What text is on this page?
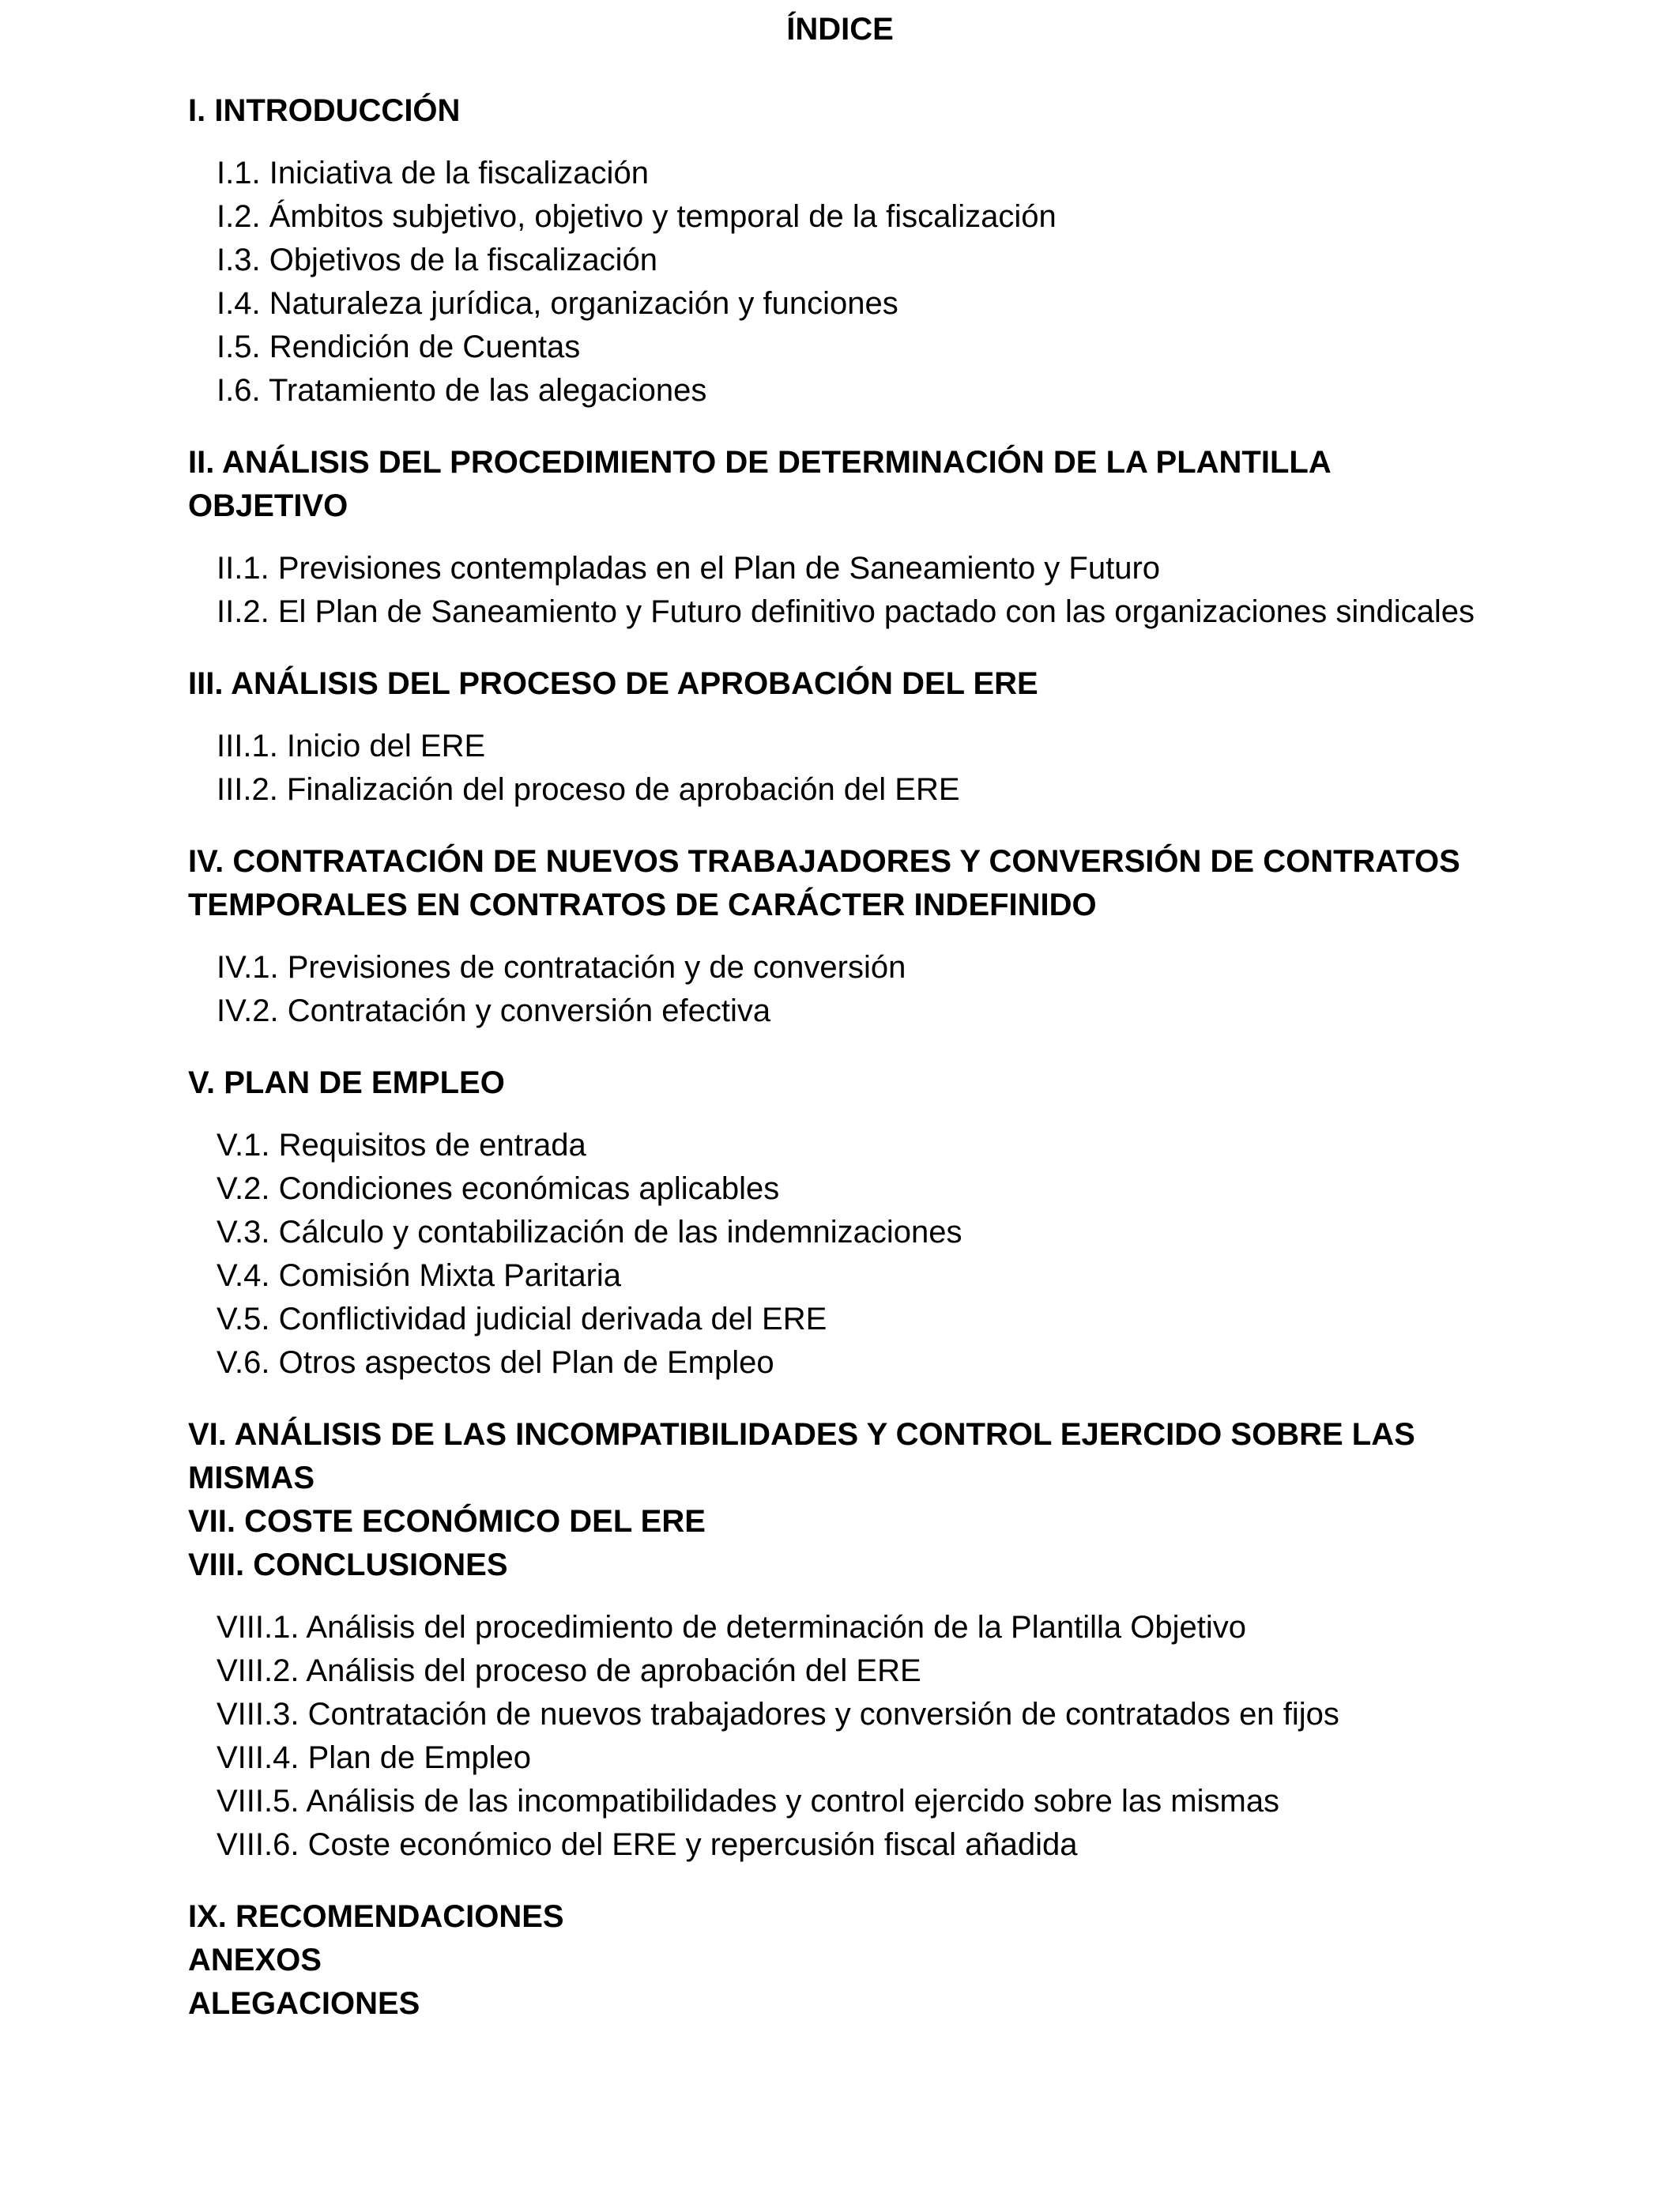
ÍNDICE
I. INTRODUCCIÓN
I.1. Iniciativa de la fiscalización
I.2. Ámbitos subjetivo, objetivo y temporal de la fiscalización
I.3. Objetivos de la fiscalización
I.4. Naturaleza jurídica, organización y funciones
I.5. Rendición de Cuentas
I.6. Tratamiento de las alegaciones
II. ANÁLISIS DEL PROCEDIMIENTO DE DETERMINACIÓN DE LA PLANTILLA OBJETIVO
II.1. Previsiones contempladas en el Plan de Saneamiento y Futuro
II.2. El Plan de Saneamiento y Futuro definitivo pactado con las organizaciones sindicales
III. ANÁLISIS DEL PROCESO DE APROBACIÓN DEL ERE
III.1. Inicio del ERE
III.2. Finalización del proceso de aprobación del ERE
IV. CONTRATACIÓN DE NUEVOS TRABAJADORES Y CONVERSIÓN DE CONTRATOS TEMPORALES EN CONTRATOS DE CARÁCTER INDEFINIDO
IV.1. Previsiones de contratación y de conversión
IV.2. Contratación y conversión efectiva
V. PLAN DE EMPLEO
V.1. Requisitos de entrada
V.2. Condiciones económicas aplicables
V.3. Cálculo y contabilización de las indemnizaciones
V.4. Comisión Mixta Paritaria
V.5. Conflictividad judicial derivada del ERE
V.6. Otros aspectos del Plan de Empleo
VI. ANÁLISIS DE LAS INCOMPATIBILIDADES Y CONTROL EJERCIDO SOBRE LAS MISMAS
VII. COSTE ECONÓMICO DEL ERE
VIII. CONCLUSIONES
VIII.1. Análisis del procedimiento de determinación de la Plantilla Objetivo
VIII.2. Análisis del proceso de aprobación del ERE
VIII.3. Contratación de nuevos trabajadores y conversión de contratados en fijos
VIII.4. Plan de Empleo
VIII.5. Análisis de las incompatibilidades y control ejercido sobre las mismas
VIII.6. Coste económico del ERE y repercusión fiscal añadida
IX. RECOMENDACIONES
ANEXOS
ALEGACIONES
